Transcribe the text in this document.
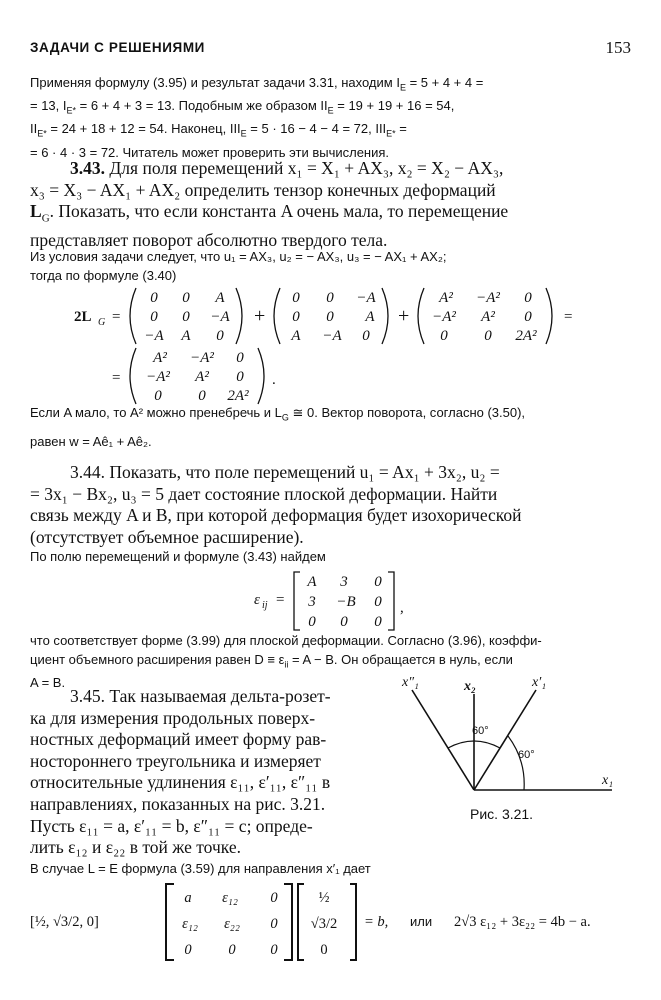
ЗАДАЧИ С РЕШЕНИЯМИ	153
Применяя формулу (3.95) и результат задачи 3.31, находим $I_E = 5 + 4 + 4$ =
= 13, $I_{E*} = 6 + 4 + 3 = 13$. Подобным же образом $II_E = 19 + 19 + 16 = 54$,
$II_{E*} = 24 + 18 + 12 = 54$. Наконец, $III_E = 5 \cdot 16 - 4 - 4 = 72$, $III_{E*}$ =
= 6 · 4 · 3 = 72. Читатель может проверить эти вычисления.
3.43. Для поля перемещений x₁ = X₁ + AX₃, x₂ = X₂ − AX₃,
x₃ = X₃ − AX₁ + AX₂ определить тензор конечных деформаций
$L_G$. Показать, что если константа A очень мала, то перемещение
представляет поворот абсолютно твердого тела.
Из условия задачи следует, что u₁ = AX₃, u₂ = − AX₃, u₃ = − AX₁ + AX₂;
тогда по формуле (3.40)
2L G =
0 0 A
0 0 −A
−A A 0
+
0 0 −A
0 0 A
A −A 0
+
A² −A² 0
−A² A² 0
0 0 2A²
=
=
A² −A² 0
−A² A² 0
0 0 2A²
.
Если A мало, то A² можно пренебречь и $L_G$ ≅ 0. Вектор поворота, согласно (3.50),
равен w = Aê₁ + Aê₂.
3.44. Показать, что поле перемещений u₁ = Ax₁ + 3x₂, u₂ =
= 3x₁ − Bx₂, u₃ = 5 дает состояние плоской деформации. Найти
связь между A и B, при которой деформация будет изохорической
(отсутствует объемное расширение).
По полю перемещений и формуле (3.43) найдем
ε ij =
A 3 0
3 −B 0
0 0 0
,
что соответствует форме (3.99) для плоской деформации. Согласно (3.96), коэффи-
циент объемного расширения равен $D \equiv \varepsilon_{ii} = A - B$. Он обращается в нуль, если
A = B.
3.45. Так называемая дельта-розет-
ка для измерения продольных поверх-
ностных деформаций имеет форму рав-
ностороннего треугольника и измеряет
относительные удлинения ε₁₁, ε′₁₁, ε″₁₁ в
направлениях, показанных на рис. 3.21.
Пусть ε₁₁ = a, ε′₁₁ = b, ε″₁₁ = c; опреде-
лить ε₁₂ и ε₂₂ в той же точке.
x″₁	x₂	x′₁
x₁
60°
60°
Рис. 3.21.
В случае L = E формула (3.59) для направления x′₁ дает
[½, √3/2, 0]
a ε₁₂ 0
ε₁₂ ε₂₂ 0
0	0 0
½
√3/2
0
= b, или 2√3 ε₁₂ + 3ε₂₂ = 4b − a.
